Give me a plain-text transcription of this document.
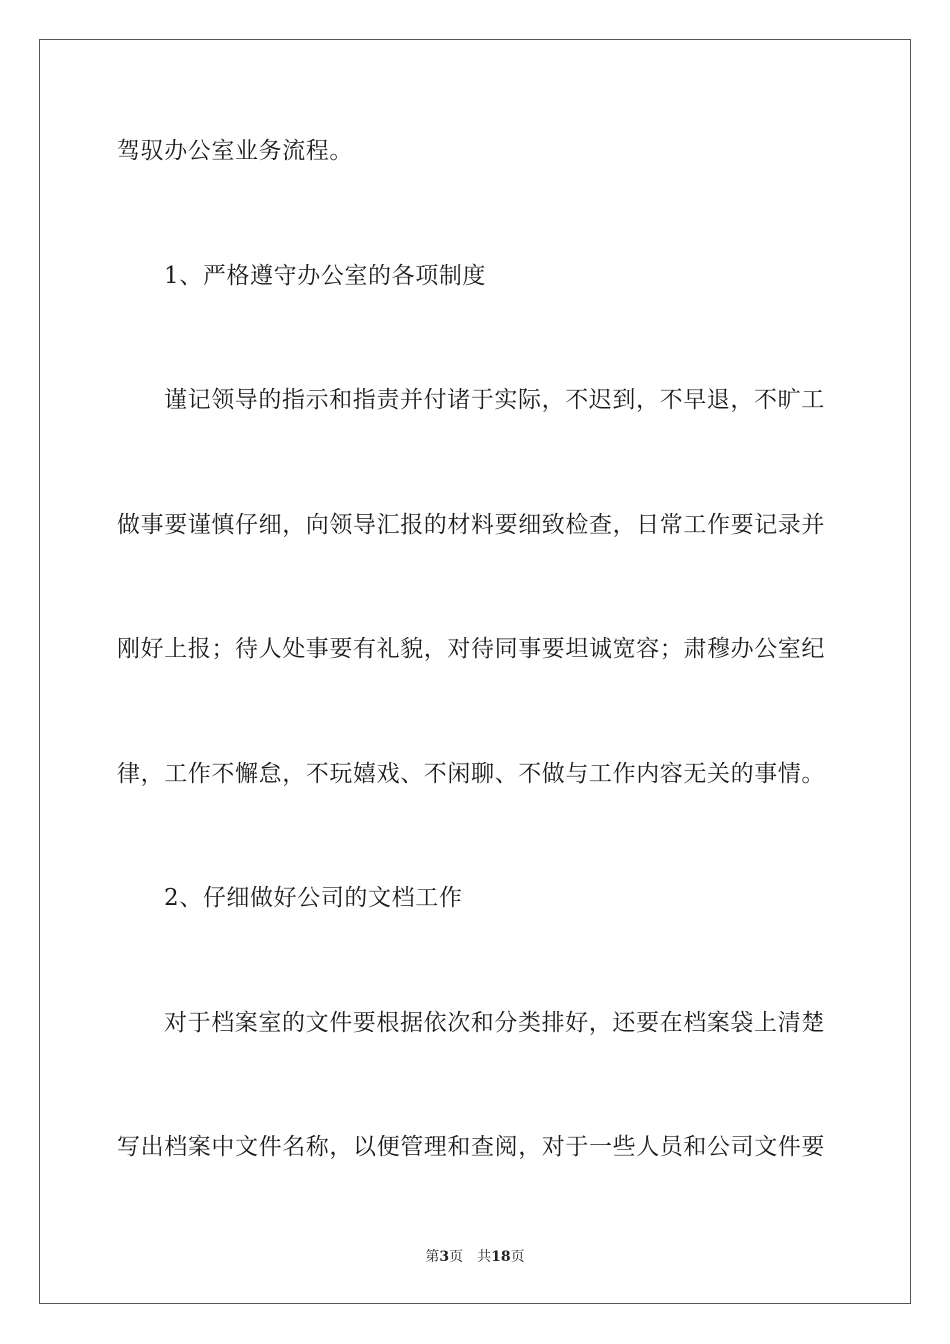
驾驭办公室业务流程。
1、严格遵守办公室的各项制度
谨记领导的指示和指责并付诸于实际，不迟到，不早退，不旷工
做事要谨慎仔细，向领导汇报的材料要细致检查，日常工作要记录并
刚好上报；待人处事要有礼貌，对待同事要坦诚宽容；肃穆办公室纪
律，工作不懈怠，不玩嬉戏、不闲聊、不做与工作内容无关的事情。
2、仔细做好公司的文档工作
对于档案室的文件要根据依次和分类排好，还要在档案袋上清楚
写出档案中文件名称，以便管理和查阅，对于一些人员和公司文件要
第3页 共18页
